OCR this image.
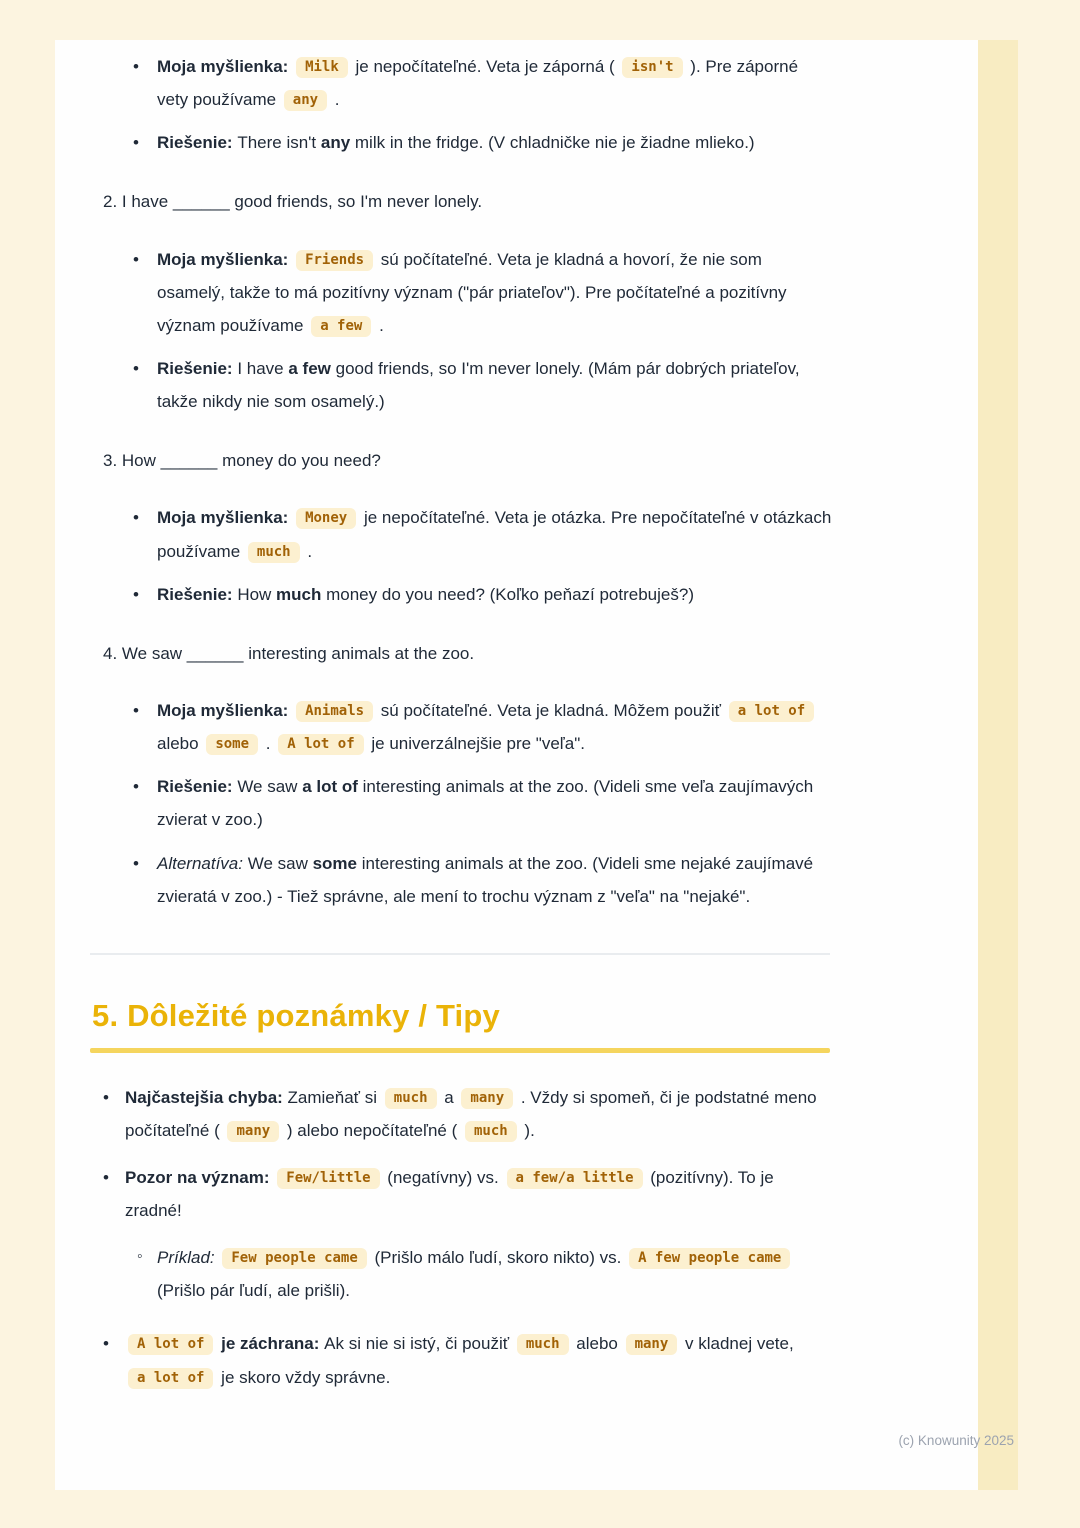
•	Moja myšlienka: Milk je nepočítateľné. Veta je záporná ( isn't ). Pre záporné vety používame any .
•	Riešenie: There isn't any milk in the fridge. (V chladničke nie je žiadne mlieko.)
2. I have ______ good friends, so I'm never lonely.
•	Moja myšlienka: Friends sú počítateľné. Veta je kladná a hovorí, že nie som osamelý, takže to má pozitívny význam ("pár priateľov"). Pre počítateľné a pozitívny význam používame a few .
•	Riešenie: I have a few good friends, so I'm never lonely. (Mám pár dobrých priateľov, takže nikdy nie som osamelý.)
3. How ______ money do you need?
•	Moja myšlienka: Money je nepočítateľné. Veta je otázka. Pre nepočítateľné v otázkach používame much .
•	Riešenie: How much money do you need? (Koľko peňazí potrebuješ?)
4. We saw ______ interesting animals at the zoo.
•	Moja myšlienka: Animals sú počítateľné. Veta je kladná. Môžem použiť a lot of alebo some . A lot of je univerzálnejšie pre "veľa".
•	Riešenie: We saw a lot of interesting animals at the zoo. (Videli sme veľa zaujímavých zvierat v zoo.)
•	Alternatíva: We saw some interesting animals at the zoo. (Videli sme nejaké zaujímavé zvieratá v zoo.) - Tiež správne, ale mení to trochu význam z "veľa" na "nejaké".
5. Dôležité poznámky / Tipy
• Najčastejšia chyba: Zamieňať si much a many . Vždy si spomeň, či je podstatné meno počítateľné ( many ) alebo nepočítateľné ( much ).
• Pozor na význam: Few/little (negatívny) vs. a few/a little (pozitívny). To je zradné!
◦ Príklad: Few people came (Prišlo málo ľudí, skoro nikto) vs. A few people came (Prišlo pár ľudí, ale prišli).
•	A lot of je záchrana: Ak si nie si istý, či použiť much alebo many v kladnej vete, a lot of je skoro vždy správne.
(c) Knowunity 2025
